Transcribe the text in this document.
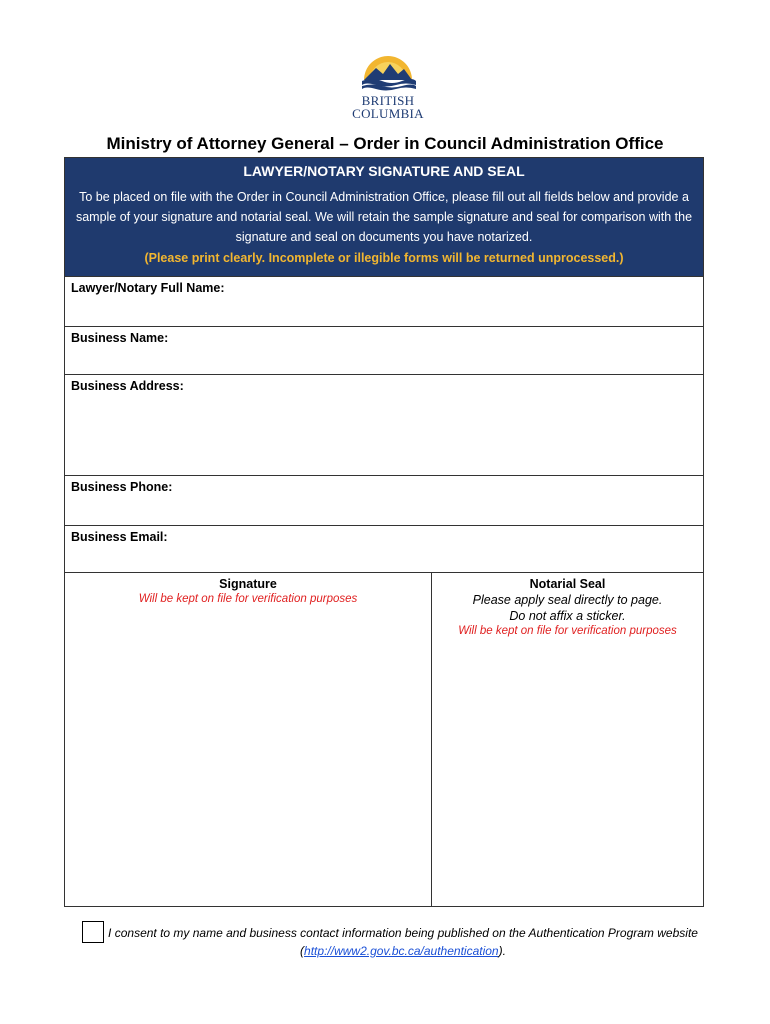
BRITISH
COLUMBIA
Ministry of Attorney General – Order in Council Administration Office
LAWYER/NOTARY SIGNATURE AND SEAL
To be placed on file with the Order in Council Administration Office, please fill out all fields below and provide a sample of your signature and notarial seal. We will retain the sample signature and seal for comparison with the signature and seal on documents you have notarized.
(Please print clearly. Incomplete or illegible forms will be returned unprocessed.)
Lawyer/Notary Full Name:
Business Name:
Business Address:
Business Phone:
Business Email:
Signature
Will be kept on file for verification purposes
Notarial Seal
Please apply seal directly to page.
Do not affix a sticker.
Will be kept on file for verification purposes
I consent to my name and business contact information being published on the Authentication Program website (http://www2.gov.bc.ca/authentication).
